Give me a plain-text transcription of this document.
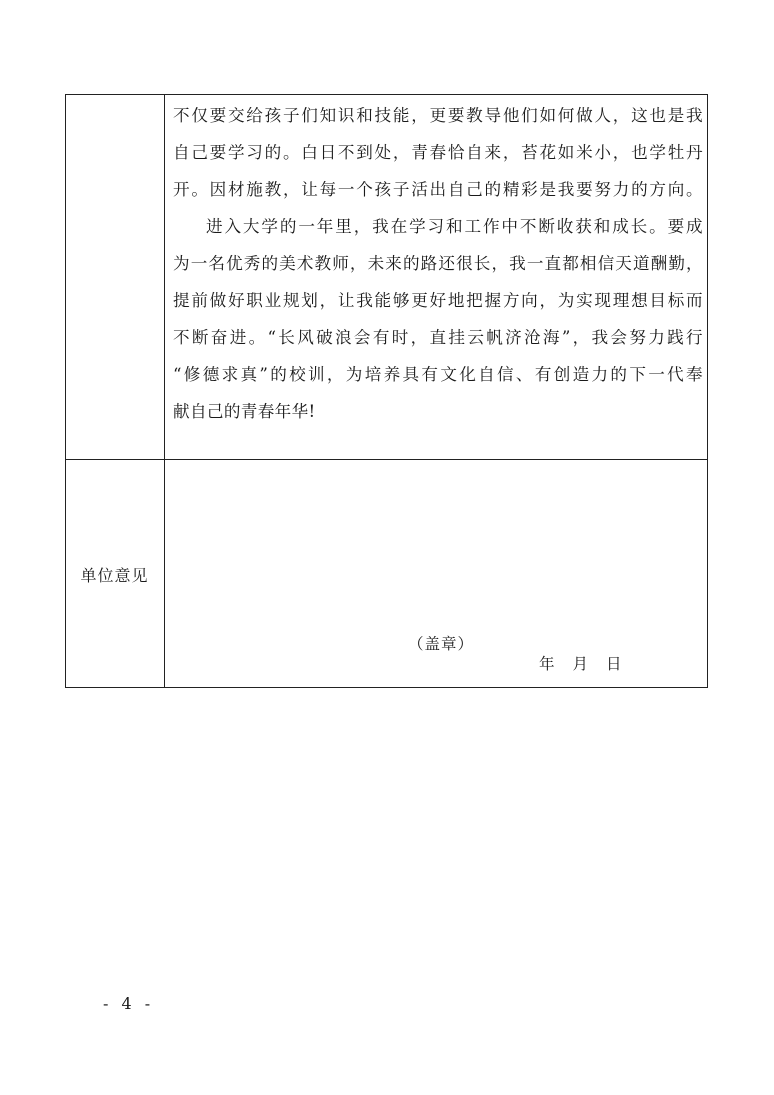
不仅要交给孩子们知识和技能，更要教导他们如何做人，这也是我
自己要学习的。白日不到处，青春恰自来，苔花如米小，也学牡丹
开。因材施教，让每一个孩子活出自己的精彩是我要努力的方向。
进入大学的一年里，我在学习和工作中不断收获和成长。要成
为一名优秀的美术教师，未来的路还很长，我一直都相信天道酬勤，
提前做好职业规划，让我能够更好地把握方向，为实现理想目标而
不断奋进。“长风破浪会有时，直挂云帆济沧海”，我会努力践行
“修德求真”的校训，为培养具有文化自信、有创造力的下一代奉
献自己的青春年华!
单位意见
（盖章）
年 月 日
- 4 -
